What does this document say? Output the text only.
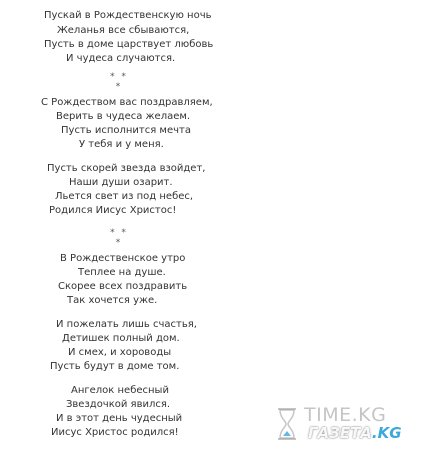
Пускай в Рождественскую ночь
Желанья все сбываются,
Пусть в доме царствует любовь
И чудеса случаются.
* * *
С Рождеством вас поздравляем,
Верить в чудеса желаем.
Пусть исполнится мечта
У тебя и у меня.
Пусть скорей звезда взойдет,
Наши души озарит.
Льется свет из под небес,
Родился Иисус Христос!
* * *
В Рождественское утро
Теплее на душе.
Скорее всех поздравить
Так хочется уже.
И пожелать лишь счастья,
Детишек полный дом.
И смех, и хороводы
Пусть будут в доме том.
Ангелок небесный
Звездочкой явился.
И в этот день чудесный
Иисус Христос родился!
TIME.KG
ГАЗЕТА.KG
